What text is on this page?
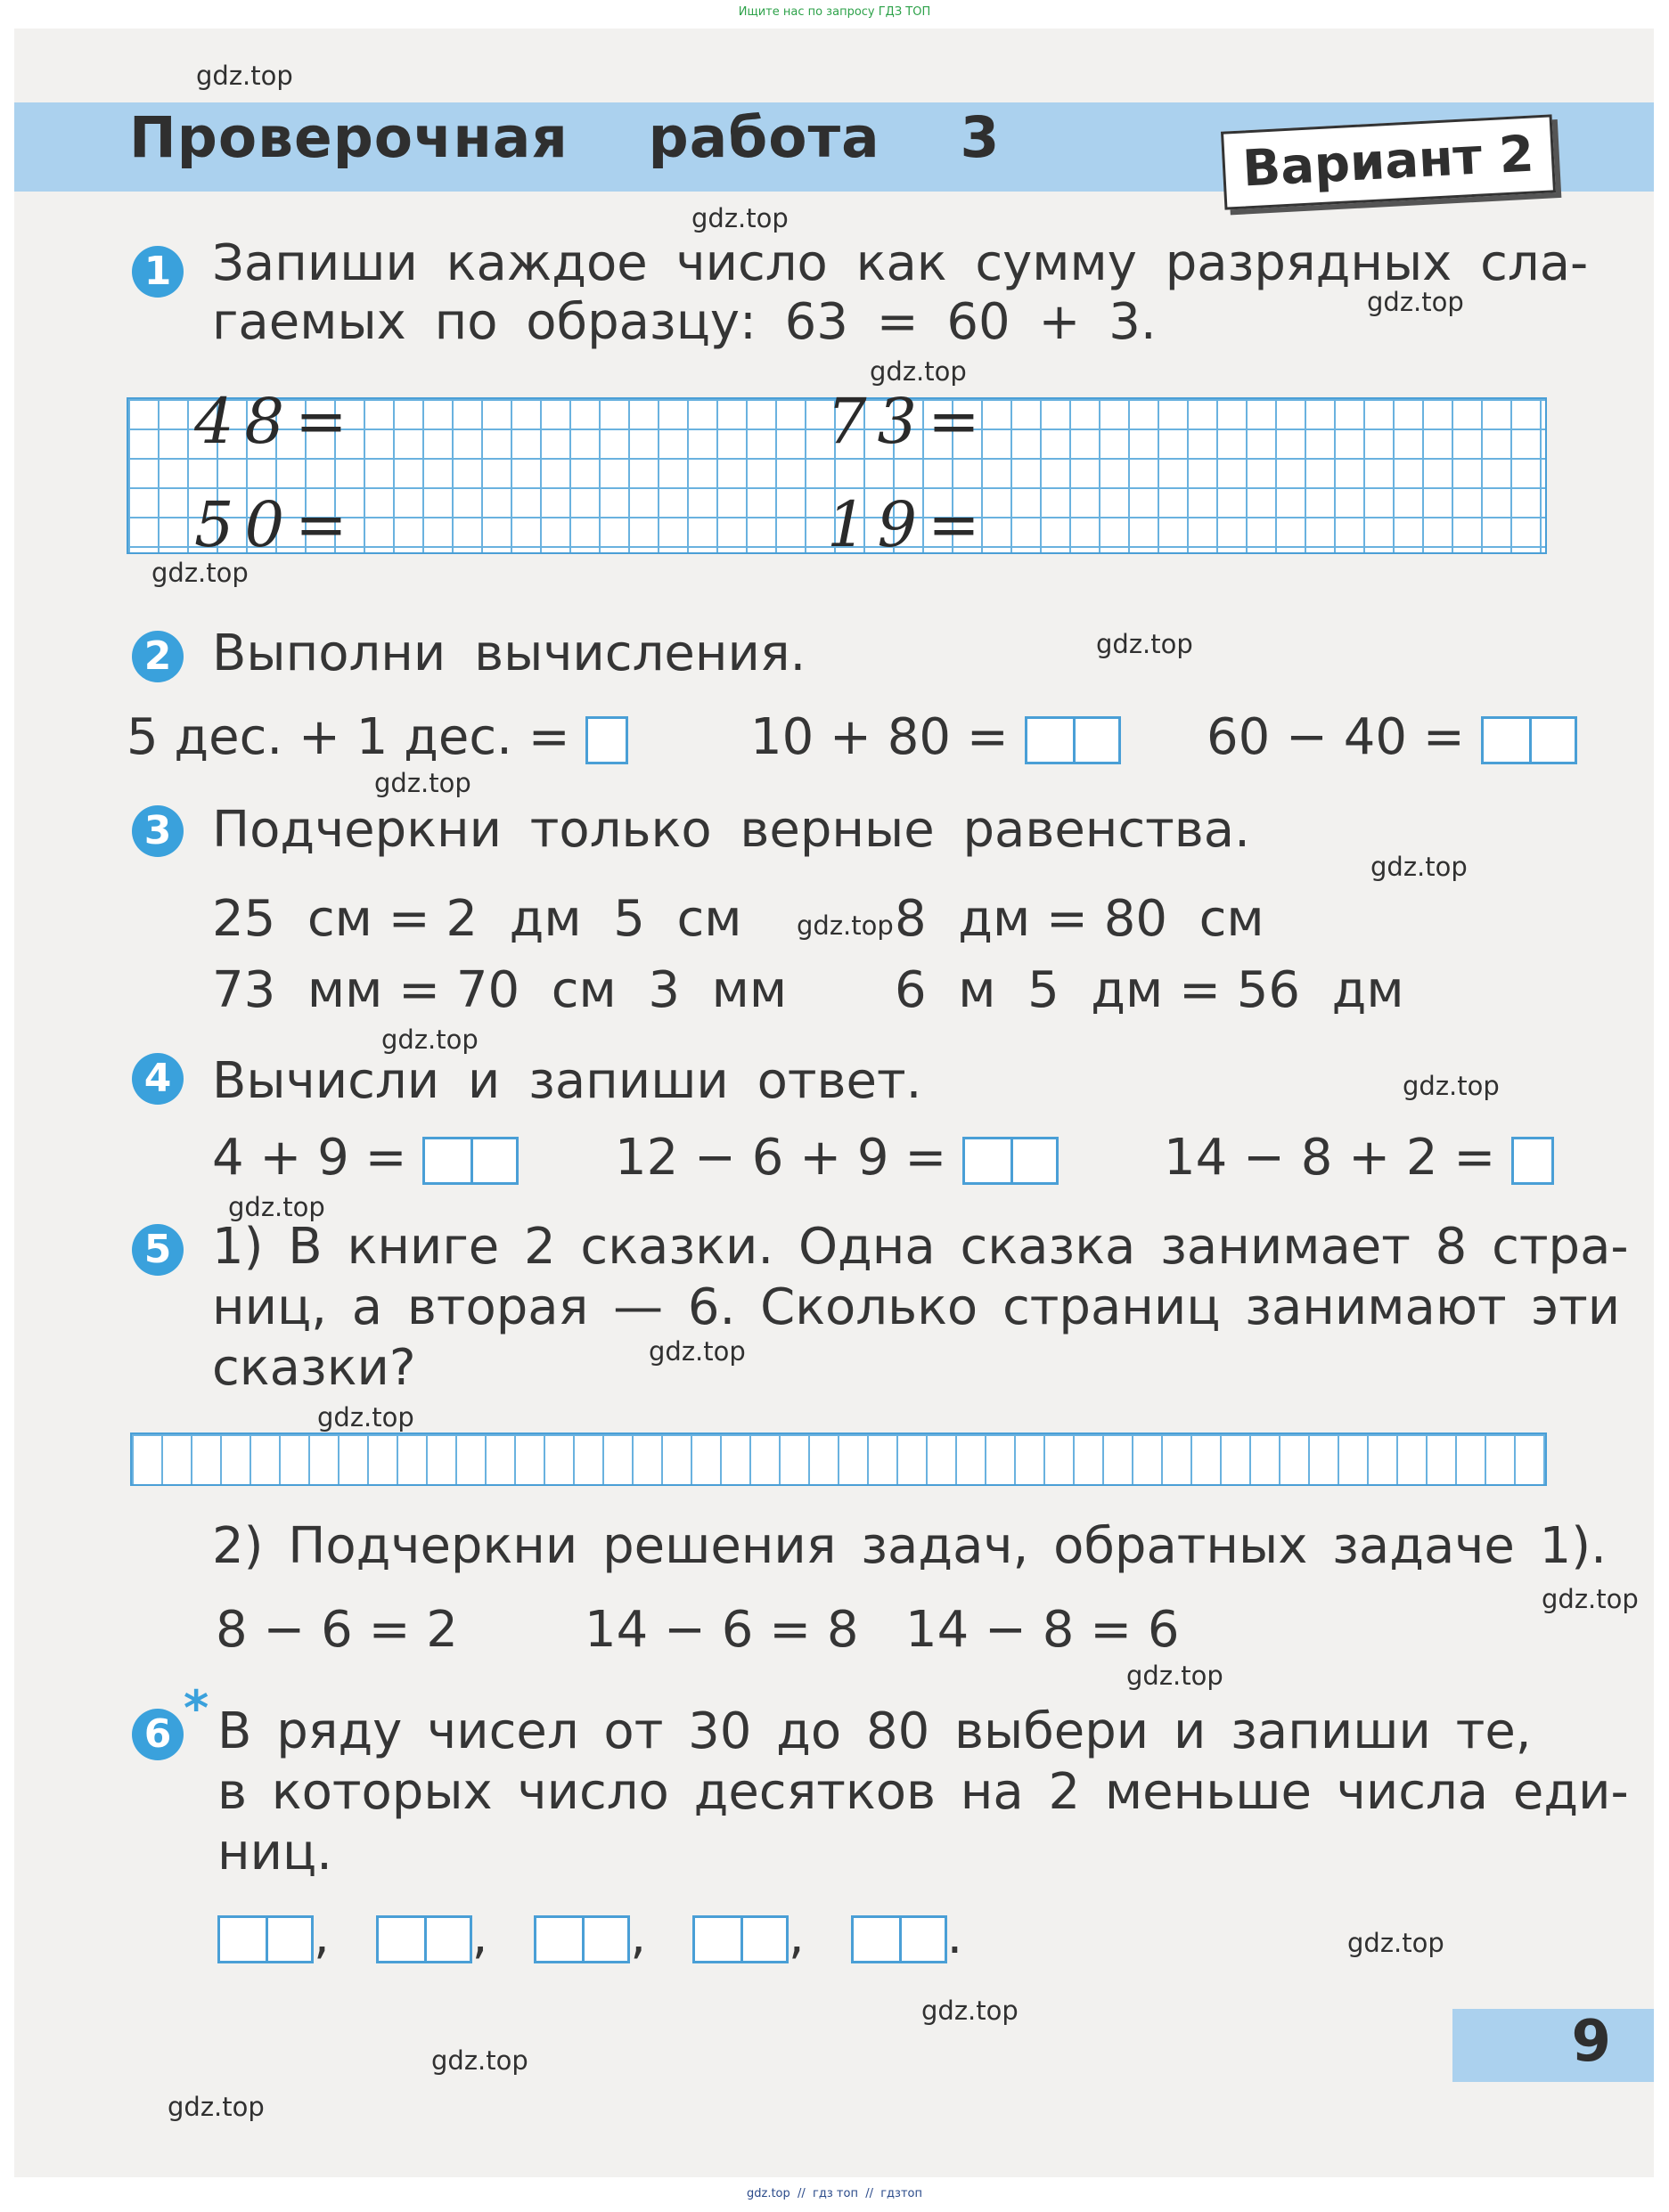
Ищите нас по запросу ГДЗ ТОП
Проверочная  работа  3	Вариант 2
1 Запиши каждое число как сумму разрядных сла-
гаемых по образцу: 63 = 60 + 3.
48=	73=
50=	19=
2 Выполни вычисления.
5 дес. + 1 дес. =	10 + 80 =	60 − 40 =
3 Подчеркни только верные равенства.
25  см = 2  дм  5  см	8  дм = 80  см
73  мм = 70  см  3  мм 6  м  5  дм = 56  дм
4 Вычисли и запиши ответ.
4 + 9 =	12 − 6 + 9 =	14 − 8 + 2 =
5 1) В книге 2 сказки. Одна сказка занимает 8 стра-
ниц, а вторая — 6. Сколько страниц занимают эти
сказки?
2) Подчеркни решения задач, обратных задаче 1).
8 − 6 = 2	14 − 6 = 8 14 − 8 = 6
6 * В ряду чисел от 30 до 80 выбери и запиши те,
в которых число десятков на 2 меньше числа еди-
ниц.
,	,	,	,	.
9
gdz.top
gdz.top
gdz.top
gdz.top
gdz.top
gdz.top
gdz.top
gdz.top
gdz.top
gdz.top
gdz.top
gdz.top
gdz.top
gdz.top
gdz.top
gdz.top
gdz.top
gdz.top
gdz.top
gdz.top
gdz.top  //  гдз топ  //  гдзтоп
